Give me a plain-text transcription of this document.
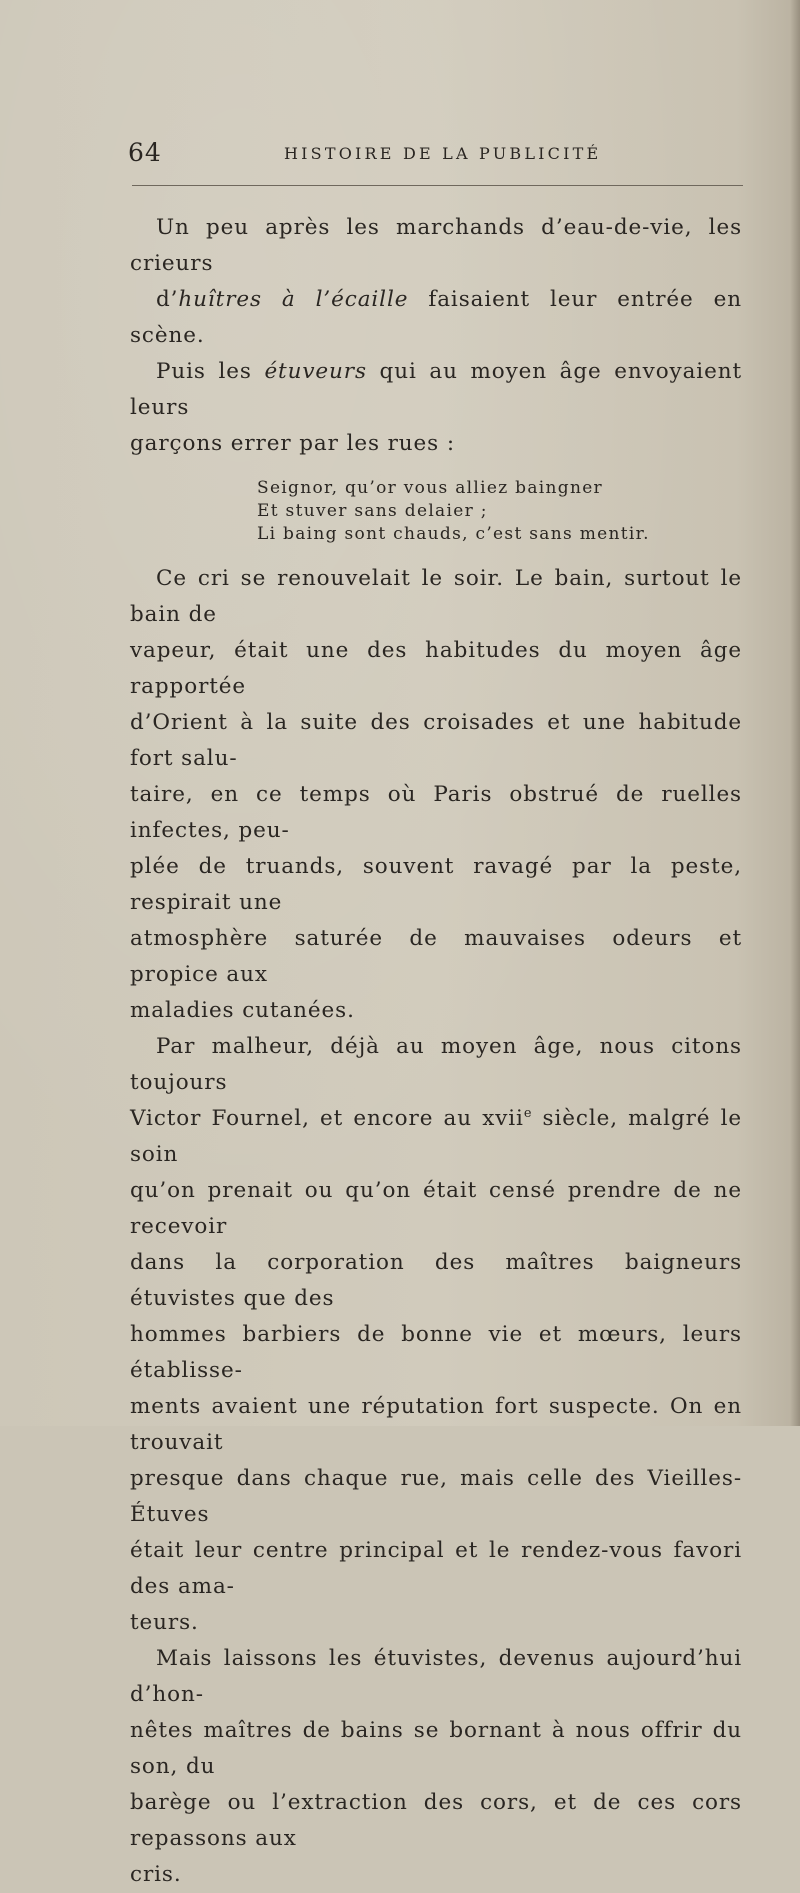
64	HISTOIRE DE LA PUBLICITÉ

Un peu après les marchands d’eau-de-vie, les crieurs
d’huîtres à l’écaille faisaient leur entrée en scène.

Puis les étuveurs qui au moyen âge envoyaient leurs
garçons errer par les rues :

Seignor, qu’or vous alliez baingner
Et stuver sans delaier ;
Li baing sont chauds, c’est sans mentir.

Ce cri se renouvelait le soir. Le bain, surtout le bain de
vapeur, était une des habitudes du moyen âge rapportée
d’Orient à la suite des croisades et une habitude fort salu-
taire, en ce temps où Paris obstrué de ruelles infectes, peu-
plée de truands, souvent ravagé par la peste, respirait une
atmosphère saturée de mauvaises odeurs et propice aux
maladies cutanées.

Par malheur, déjà au moyen âge, nous citons toujours
Victor Fournel, et encore au xvii$^e$ siècle, malgré le soin
qu’on prenait ou qu’on était censé prendre de ne recevoir
dans la corporation des maîtres baigneurs étuvistes que des
hommes barbiers de bonne vie et mœurs, leurs établisse-
ments avaient une réputation fort suspecte. On en trouvait
presque dans chaque rue, mais celle des Vieilles-Étuves
était leur centre principal et le rendez-vous favori des ama-
teurs.

Mais laissons les étuvistes, devenus aujourd’hui d’hon-
nêtes maîtres de bains se bornant à nous offrir du son, du
barège ou l’extraction des cors, et de ces cors repassons aux
cris.
